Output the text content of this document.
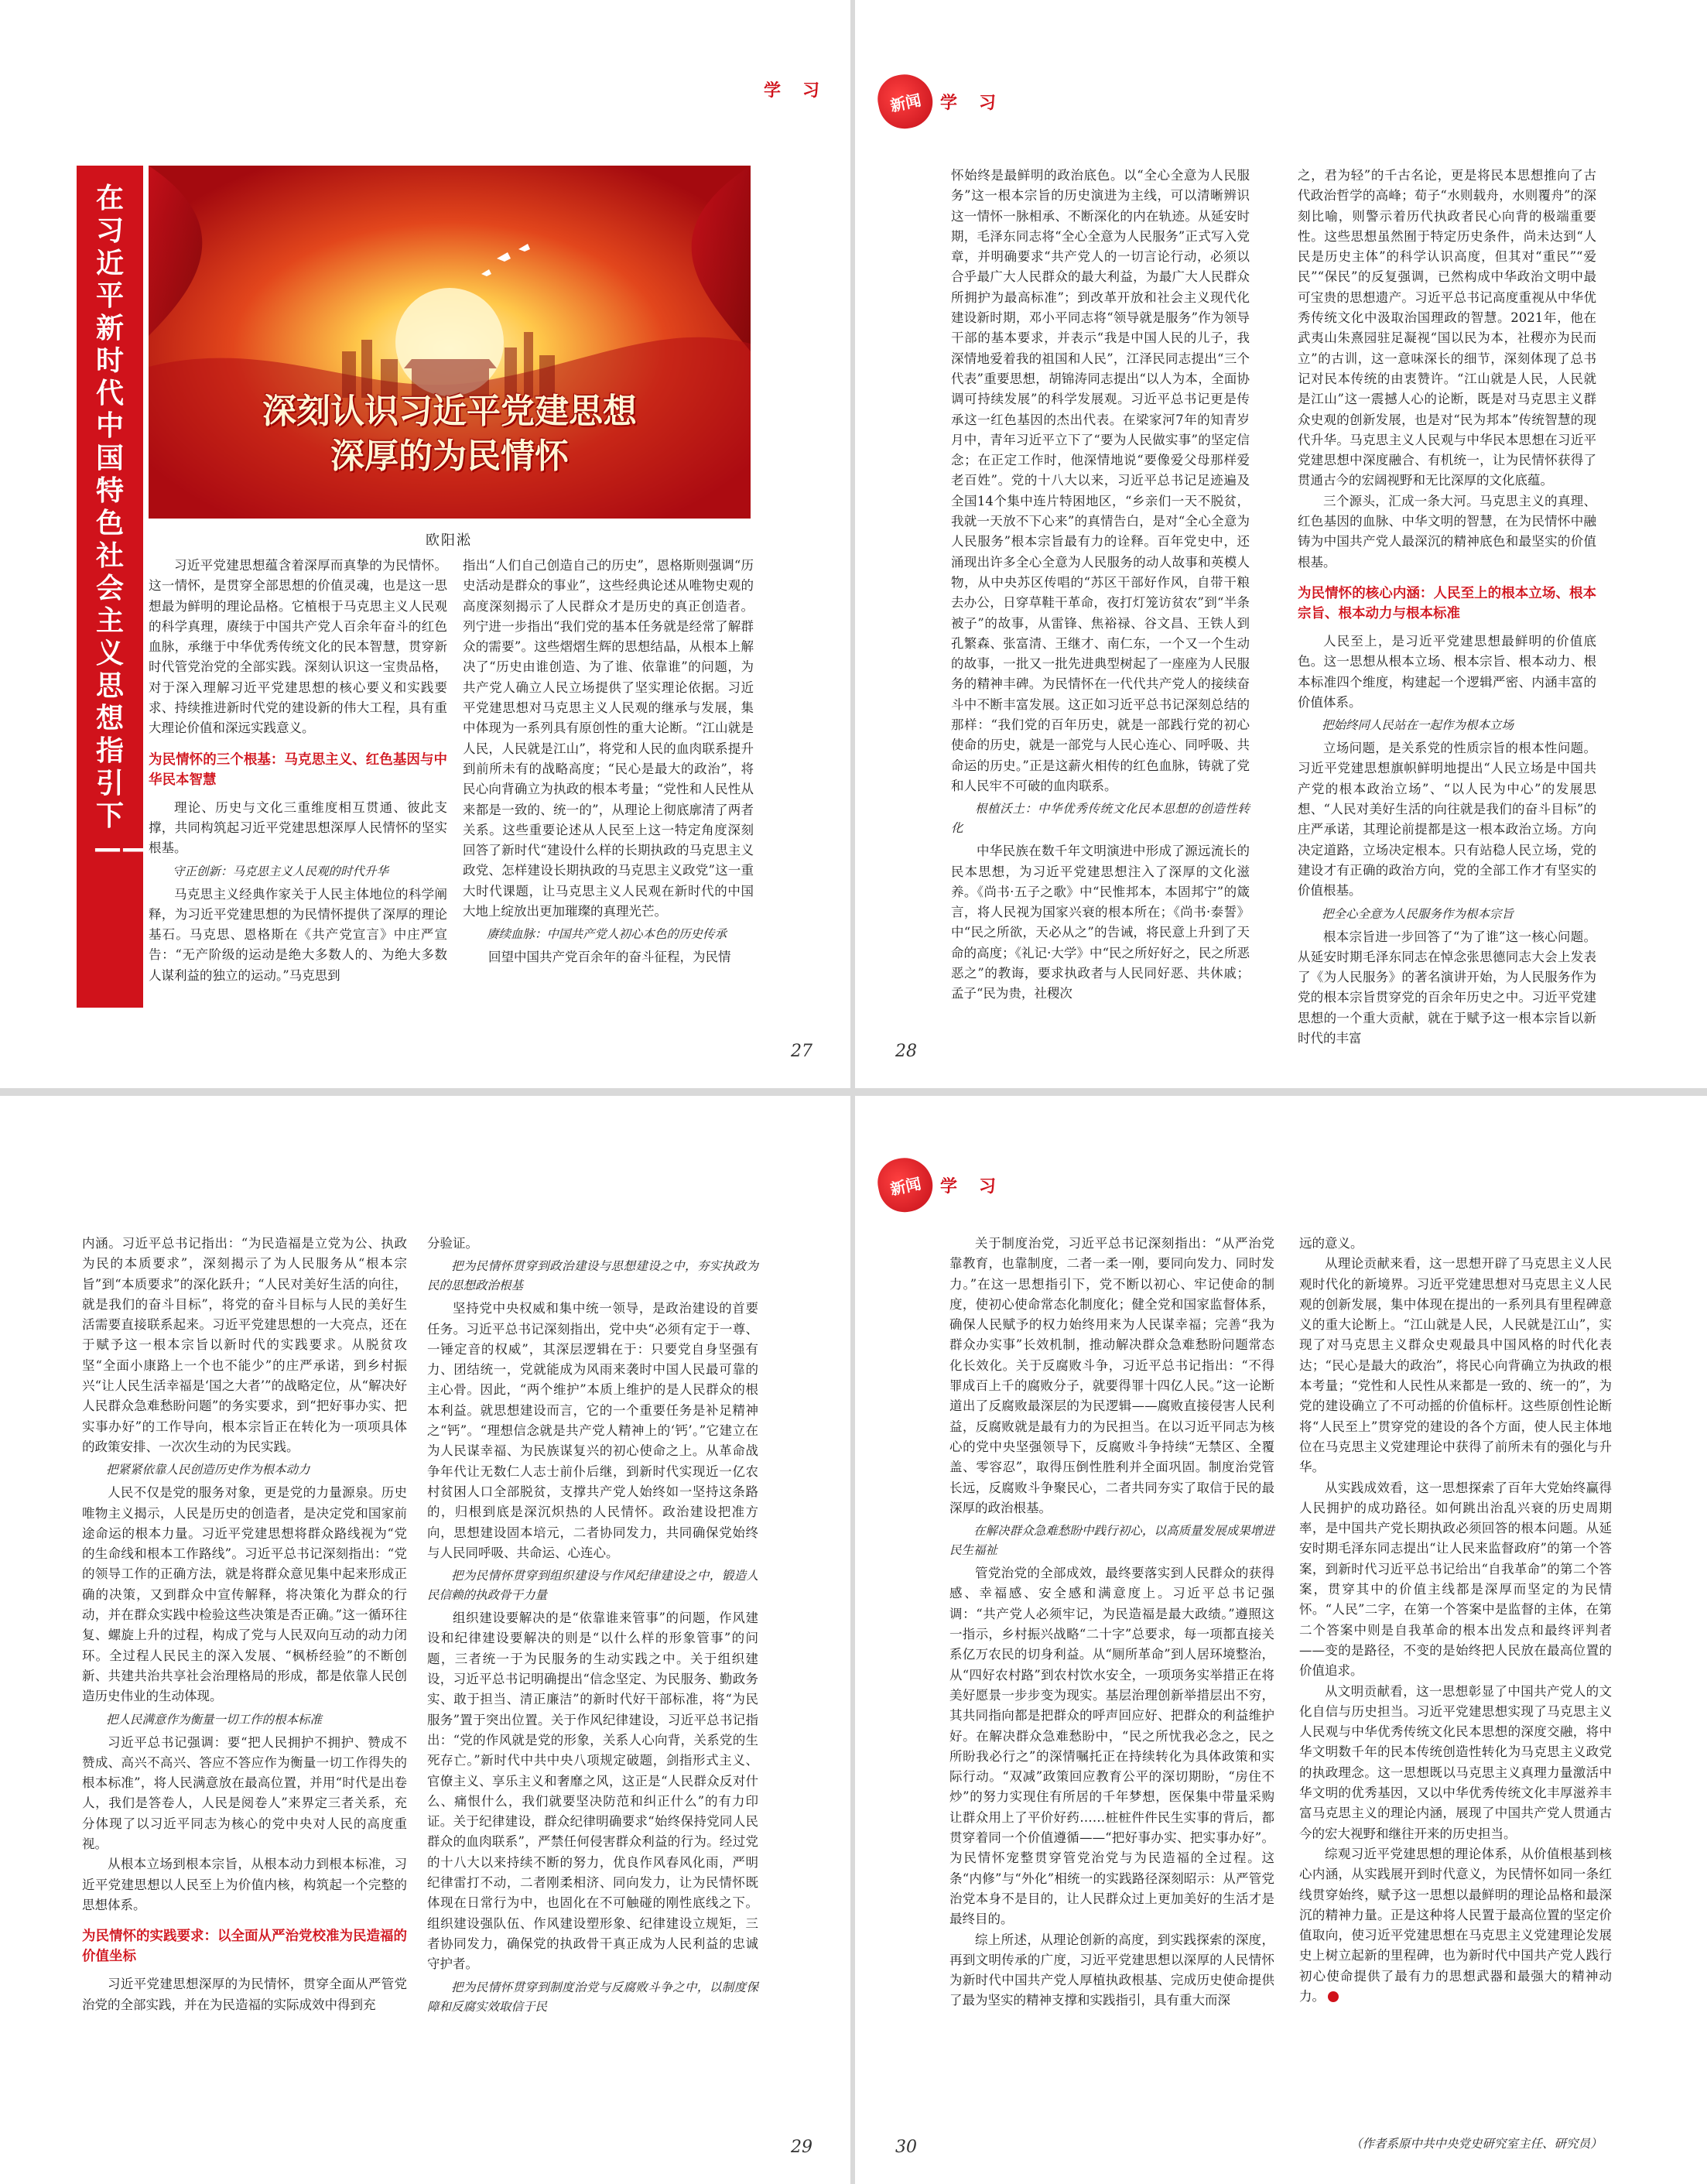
在习近平新时代中国特色社会主义思想指引下——
深刻认识习近平党建思想
深厚的为民情怀
欧阳淞

习近平党建思想蕴含着深厚而真挚的为民情怀。这一情怀，是贯穿全部思想的价值灵魂，也是这一思想最为鲜明的理论品格。它植根于马克思主义人民观的科学真理，赓续于中国共产党人百余年奋斗的红色血脉，承继于中华优秀传统文化的民本智慧，贯穿新时代管党治党的全部实践。深刻认识这一宝贵品格，对于深入理解习近平党建思想的核心要义和实践要求、持续推进新时代党的建设新的伟大工程，具有重大理论价值和深远实践意义。

为民情怀的三个根基：马克思主义、红色基因与中华民本智慧

理论、历史与文化三重维度相互贯通、彼此支撑，共同构筑起习近平党建思想深厚人民情怀的坚实根基。

守正创新：马克思主义人民观的时代升华

马克思主义经典作家关于人民主体地位的科学阐释，为习近平党建思想的为民情怀提供了深厚的理论基石。马克思、恩格斯在《共产党宣言》中庄严宣告：“无产阶级的运动是绝大多数人的、为绝大多数人谋利益的独立的运动。”马克思到

指出“人们自己创造自己的历史”，恩格斯则强调“历史活动是群众的事业”，这些经典论述从唯物史观的高度深刻揭示了人民群众才是历史的真正创造者。列宁进一步指出“我们党的基本任务就是经常了解群众的需要”。这些熠熠生辉的思想结晶，从根本上解决了“历史由谁创造、为了谁、依靠谁”的问题，为共产党人确立人民立场提供了坚实理论依据。习近平党建思想对马克思主义人民观的继承与发展，集中体现为一系列具有原创性的重大论断。“江山就是人民，人民就是江山”，将党和人民的血肉联系提升到前所未有的战略高度；“民心是最大的政治”，将民心向背确立为执政的根本考量；“党性和人民性从来都是一致的、统一的”，从理论上彻底廓清了两者关系。这些重要论述从人民至上这一特定角度深刻回答了新时代“建设什么样的长期执政的马克思主义政党、怎样建设长期执政的马克思主义政党”这一重大时代课题，让马克思主义人民观在新时代的中国大地上绽放出更加璀璨的真理光芒。

赓续血脉：中国共产党人初心本色的历史传承

回望中国共产党百余年的奋斗征程，为民情

27
学习	新闻 学习

怀始终是最鲜明的政治底色。以“全心全意为人民服务”这一根本宗旨的历史演进为主线，可以清晰辨识这一情怀一脉相承、不断深化的内在轨迹。从延安时期，毛泽东同志将“全心全意为人民服务”正式写入党章，并明确要求“共产党人的一切言论行动，必须以合乎最广大人民群众的最大利益，为最广大人民群众所拥护为最高标准”；到改革开放和社会主义现代化建设新时期，邓小平同志将“领导就是服务”作为领导干部的基本要求，并表示“我是中国人民的儿子，我深情地爱着我的祖国和人民”，江泽民同志提出“三个代表”重要思想，胡锦涛同志提出“以人为本，全面协调可持续发展”的科学发展观。习近平总书记更是传承这一红色基因的杰出代表。在梁家河7年的知青岁月中，青年习近平立下了“要为人民做实事”的坚定信念；在正定工作时，他深情地说“要像爱父母那样爱老百姓”。党的十八大以来，习近平总书记足迹遍及全国14个集中连片特困地区，“乡亲们一天不脱贫，我就一天放不下心来”的真情告白，是对“全心全意为人民服务”根本宗旨最有力的诠释。百年党史中，还涌现出许多全心全意为人民服务的动人故事和英模人物，从中央苏区传唱的“苏区干部好作风，自带干粮去办公，日穿草鞋干革命，夜打灯笼访贫农”到“半条被子”的故事，从雷锋、焦裕禄、谷文昌、王铁人到孔繁森、张富清、王继才、南仁东，一个又一个生动的故事，一批又一批先进典型树起了一座座为人民服务的精神丰碑。为民情怀在一代代共产党人的接续奋斗中不断丰富发展。这正如习近平总书记深刻总结的那样：“我们党的百年历史，就是一部践行党的初心使命的历史，就是一部党与人民心连心、同呼吸、共命运的历史。”正是这薪火相传的红色血脉，铸就了党和人民牢不可破的血肉联系。

根植沃土：中华优秀传统文化民本思想的创造性转化

中华民族在数千年文明演进中形成了源远流长的民本思想，为习近平党建思想注入了深厚的文化滋养。《尚书·五子之歌》中“民惟邦本，本固邦宁”的箴言，将人民视为国家兴衰的根本所在；《尚书·泰誓》中“民之所欲，天必从之”的告诫，将民意上升到了天命的高度；《礼记·大学》中“民之所好好之，民之所恶恶之”的教诲，要求执政者与人民同好恶、共休戚；孟子“民为贵，社稷次

之，君为轻”的千古名论，更是将民本思想推向了古代政治哲学的高峰；荀子“水则载舟，水则覆舟”的深刻比喻，则警示着历代执政者民心向背的极端重要性。这些思想虽然囿于特定历史条件，尚未达到“人民是历史主体”的科学认识高度，但其对“重民”“爱民”“保民”的反复强调，已然构成中华政治文明中最可宝贵的思想遗产。习近平总书记高度重视从中华优秀传统文化中汲取治国理政的智慧。2021年，他在武夷山朱熹园驻足凝视“国以民为本，社稷亦为民而立”的古训，这一意味深长的细节，深刻体现了总书记对民本传统的由衷赞许。“江山就是人民，人民就是江山”这一震撼人心的论断，既是对马克思主义群众史观的创新发展，也是对“民为邦本”传统智慧的现代升华。马克思主义人民观与中华民本思想在习近平党建思想中深度融合、有机统一，让为民情怀获得了贯通古今的宏阔视野和无比深厚的文化底蕴。

三个源头，汇成一条大河。马克思主义的真理、红色基因的血脉、中华文明的智慧，在为民情怀中融铸为中国共产党人最深沉的精神底色和最坚实的价值根基。

为民情怀的核心内涵：人民至上的根本立场、根本宗旨、根本动力与根本标准

人民至上，是习近平党建思想最鲜明的价值底色。这一思想从根本立场、根本宗旨、根本动力、根本标准四个维度，构建起一个逻辑严密、内涵丰富的价值体系。

把始终同人民站在一起作为根本立场

立场问题，是关系党的性质宗旨的根本性问题。习近平党建思想旗帜鲜明地提出“人民立场是中国共产党的根本政治立场”、“以人民为中心”的发展思想、“人民对美好生活的向往就是我们的奋斗目标”的庄严承诺，其理论前提都是这一根本政治立场。方向决定道路，立场决定根本。只有站稳人民立场，党的建设才有正确的政治方向，党的全部工作才有坚实的价值根基。

把全心全意为人民服务作为根本宗旨

根本宗旨进一步回答了“为了谁”这一核心问题。从延安时期毛泽东同志在悼念张思德同志大会上发表了《为人民服务》的著名演讲开始，为人民服务作为党的根本宗旨贯穿党的百余年历史之中。习近平党建思想的一个重大贡献，就在于赋予这一根本宗旨以新时代的丰富

28

内涵。习近平总书记指出：“为民造福是立党为公、执政为民的本质要求”，深刻揭示了为人民服务从“根本宗旨”到“本质要求”的深化跃升；“人民对美好生活的向往，就是我们的奋斗目标”，将党的奋斗目标与人民的美好生活需要直接联系起来。习近平党建思想的一大亮点，还在于赋予这一根本宗旨以新时代的实践要求。从脱贫攻坚“全面小康路上一个也不能少”的庄严承诺，到乡村振兴“让人民生活幸福是‘国之大者’”的战略定位，从“解决好人民群众急难愁盼问题”的务实要求，到“把好事办实、把实事办好”的工作导向，根本宗旨正在转化为一项项具体的政策安排、一次次生动的为民实践。

把紧紧依靠人民创造历史作为根本动力

人民不仅是党的服务对象，更是党的力量源泉。历史唯物主义揭示，人民是历史的创造者，是决定党和国家前途命运的根本力量。习近平党建思想将群众路线视为“党的生命线和根本工作路线”。习近平总书记深刻指出：“党的领导工作的正确方法，就是将群众意见集中起来形成正确的决策，又到群众中宣传解释，将决策化为群众的行动，并在群众实践中检验这些决策是否正确。”这一循环往复、螺旋上升的过程，构成了党与人民双向互动的动力闭环。全过程人民民主的深入发展、“枫桥经验”的不断创新、共建共治共享社会治理格局的形成，都是依靠人民创造历史伟业的生动体现。

把人民满意作为衡量一切工作的根本标准

习近平总书记强调：要“把人民拥护不拥护、赞成不赞成、高兴不高兴、答应不答应作为衡量一切工作得失的根本标准”，将人民满意放在最高位置，并用“时代是出卷人，我们是答卷人，人民是阅卷人”来界定三者关系，充分体现了以习近平同志为核心的党中央对人民的高度重视。

从根本立场到根本宗旨，从根本动力到根本标准，习近平党建思想以人民至上为价值内核，构筑起一个完整的思想体系。

为民情怀的实践要求：以全面从严治党校准为民造福的价值坐标

习近平党建思想深厚的为民情怀，贯穿全面从严管党治党的全部实践，并在为民造福的实际成效中得到充

分验证。

把为民情怀贯穿到政治建设与思想建设之中，夯实执政为民的思想政治根基

坚持党中央权威和集中统一领导，是政治建设的首要任务。习近平总书记深刻指出，党中央“必须有定于一尊、一锤定音的权威”，其深层逻辑在于：只要党自身坚强有力、团结统一，党就能成为风雨来袭时中国人民最可靠的主心骨。因此，“两个维护”本质上维护的是人民群众的根本利益。就思想建设而言，它的一个重要任务是补足精神之“钙”。“理想信念就是共产党人精神上的‘钙’。”它建立在为人民谋幸福、为民族谋复兴的初心使命之上。从革命战争年代让无数仁人志士前仆后继，到新时代实现近一亿农村贫困人口全部脱贫，支撑共产党人始终如一坚持这条路的，归根到底是深沉炽热的人民情怀。政治建设把准方向，思想建设固本培元，二者协同发力，共同确保党始终与人民同呼吸、共命运、心连心。

把为民情怀贯穿到组织建设与作风纪律建设之中，锻造人民信赖的执政骨干力量

组织建设要解决的是“依靠谁来管事”的问题，作风建设和纪律建设要解决的则是“以什么样的形象管事”的问题，三者统一于为民服务的生动实践之中。关于组织建设，习近平总书记明确提出“信念坚定、为民服务、勤政务实、敢于担当、清正廉洁”的新时代好干部标准，将“为民服务”置于突出位置。关于作风纪律建设，习近平总书记指出：“党的作风就是党的形象，关系人心向背，关系党的生死存亡。”新时代中共中央八项规定破题，剑指形式主义、官僚主义、享乐主义和奢靡之风，这正是“人民群众反对什么、痛恨什么，我们就要坚决防范和纠正什么”的有力印证。关于纪律建设，群众纪律明确要求“始终保持党同人民群众的血肉联系”，严禁任何侵害群众利益的行为。经过党的十八大以来持续不断的努力，优良作风春风化雨，严明纪律雷打不动，二者刚柔相济、同向发力，让为民情怀既体现在日常行为中，也固化在不可触碰的刚性底线之下。组织建设强队伍、作风建设塑形象、纪律建设立规矩，三者协同发力，确保党的执政骨干真正成为人民利益的忠诚守护者。

把为民情怀贯穿到制度治党与反腐败斗争之中，以制度保障和反腐实效取信于民
29
新闻 学习

关于制度治党，习近平总书记深刻指出：“从严治党靠教育，也靠制度，二者一柔一刚，要同向发力、同时发力。”在这一思想指引下，党不断以初心、牢记使命的制度，使初心使命常态化制度化；健全党和国家监督体系，确保人民赋予的权力始终用来为人民谋幸福；完善“我为群众办实事”长效机制，推动解决群众急难愁盼问题常态化长效化。关于反腐败斗争，习近平总书记指出：“不得罪成百上千的腐败分子，就要得罪十四亿人民。”这一论断道出了反腐败最深层的为民逻辑——腐败直接侵害人民利益，反腐败就是最有力的为民担当。在以习近平同志为核心的党中央坚强领导下，反腐败斗争持续“无禁区、全覆盖、零容忍”，取得压倒性胜利并全面巩固。制度治党管长远，反腐败斗争聚民心，二者共同夯实了取信于民的最深厚的政治根基。

在解决群众急难愁盼中践行初心，以高质量发展成果增进民生福祉

管党治党的全部成效，最终要落实到人民群众的获得感、幸福感、安全感和满意度上。习近平总书记强调：“共产党人必须牢记，为民造福是最大政绩。”遵照这一指示，乡村振兴战略“二十字”总要求，每一项都直接关系亿万农民的切身利益。从“厕所革命”到人居环境整治，从“四好农村路”到农村饮水安全，一项项务实举措正在将美好愿景一步步变为现实。基层治理创新举措层出不穷，其共同指向都是把群众的呼声回应好、把群众的利益维护好。在解决群众急难愁盼中，“民之所忧我必念之，民之所盼我必行之”的深情嘱托正在持续转化为具体政策和实际行动。“双减”政策回应教育公平的深切期盼，“房住不炒”的努力实现住有所居的千年梦想，医保集中带量采购让群众用上了平价好药……桩桩件件民生实事的背后，都贯穿着同一个价值遵循——“把好事办实、把实事办好”。为民情怀宠整贯穿管党治党与为民造福的全过程。这条“内修”与“外化”相统一的实践路径深刻昭示：从严管党治党本身不是目的，让人民群众过上更加美好的生活才是最终目的。

综上所述，从理论创新的高度，到实践探索的深度，再到文明传承的广度，习近平党建思想以深厚的人民情怀为新时代中国共产党人厚植执政根基、完成历史使命提供了最为坚实的精神支撑和实践指引，具有重大而深

远的意义。

从理论贡献来看，这一思想开辟了马克思主义人民观时代化的新境界。习近平党建思想对马克思主义人民观的创新发展，集中体现在提出的一系列具有里程碑意义的重大论断上。“江山就是人民，人民就是江山”，实现了对马克思主义群众史观最具中国风格的时代化表达；“民心是最大的政治”，将民心向背确立为执政的根本考量；“党性和人民性从来都是一致的、统一的”，为党的建设确立了不可动摇的价值标杆。这些原创性论断将“人民至上”贯穿党的建设的各个方面，使人民主体地位在马克思主义党建理论中获得了前所未有的强化与升华。

从实践成效看，这一思想探索了百年大党始终赢得人民拥护的成功路径。如何跳出治乱兴衰的历史周期率，是中国共产党长期执政必须回答的根本问题。从延安时期毛泽东同志提出“让人民来监督政府”的第一个答案，到新时代习近平总书记给出“自我革命”的第二个答案，贯穿其中的价值主线都是深厚而坚定的为民情怀。“人民”二字，在第一个答案中是监督的主体，在第二个答案中则是自我革命的根本出发点和最终评判者——变的是路径，不变的是始终把人民放在最高位置的价值追求。

从文明贡献看，这一思想彰显了中国共产党人的文化自信与历史担当。习近平党建思想实现了马克思主义人民观与中华优秀传统文化民本思想的深度交融，将中华文明数千年的民本传统创造性转化为马克思主义政党的执政理念。这一思想既以马克思主义真理力量激活中华文明的优秀基因，又以中华优秀传统文化丰厚滋养丰富马克思主义的理论内涵，展现了中国共产党人贯通古今的宏大视野和继往开来的历史担当。

综观习近平党建思想的理论体系，从价值根基到核心内涵，从实践展开到时代意义，为民情怀如同一条红线贯穿始终，赋予这一思想以最鲜明的理论品格和最深沉的精神力量。正是这种将人民置于最高位置的坚定价值取向，使习近平党建思想在马克思主义党建理论发展史上树立起新的里程碑，也为新时代中国共产党人践行初心使命提供了最有力的思想武器和最强大的精神动力。

（作者系原中共中央党史研究室主任、研究员）
30
